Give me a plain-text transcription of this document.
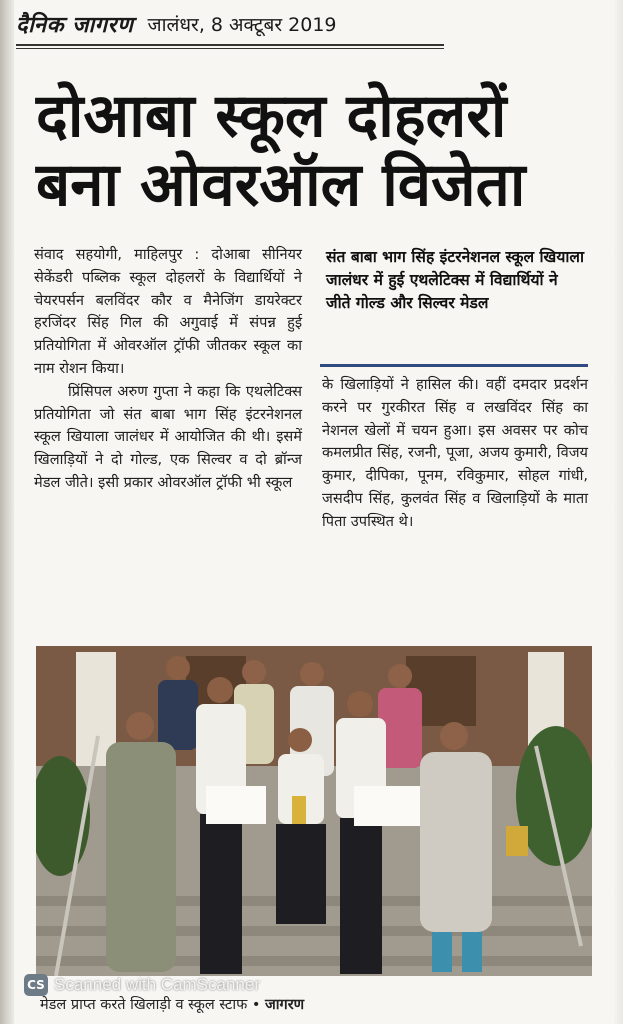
दैनिक जागरण जालंधर, 8 अक्टूबर 2019
दोआबा स्कूल दोहलरों
बना ओवरऑल विजेता

संवाद सहयोगी, माहिलपुर : दोआबा सीनियर सेकेंडरी पब्लिक स्कूल दोहलरों के विद्यार्थियों ने चेयरपर्सन बलविंदर कौर व मैनेजिंग डायरेक्टर हरजिंदर सिंह गिल की अगुवाई में संपन्न हुई प्रतियोगिता में ओवरऑल ट्रॉफी जीतकर स्कूल का नाम रोशन किया।

प्रिंसिपल अरुण गुप्ता ने कहा कि एथलेटिक्स प्रतियोगिता जो संत बाबा भाग सिंह इंटरनेशनल स्कूल खियाला जालंधर में आयोजित की थी। इसमें खिलाड़ियों ने दो गोल्ड, एक सिल्वर व दो ब्रॉन्ज मेडल जीते। इसी प्रकार ओवरऑल ट्रॉफी भी स्कूल

संत बाबा भाग सिंह इंटरनेशनल स्कूल खियाला जालंधर में हुई एथलेटिक्स में विद्यार्थियों ने जीते गोल्ड और सिल्वर मेडल

के खिलाड़ियों ने हासिल की। वहीं दमदार प्रदर्शन करने पर गुरकीरत सिंह व लखविंदर सिंह का नेशनल खेलों में चयन हुआ। इस अवसर पर कोच कमलप्रीत सिंह, रजनी, पूजा, अजय कुमारी, विजय कुमार, दीपिका, पूनम, रविकुमार, सोहल गांधी, जसदीप सिंह, कुलवंत सिंह व खिलाड़ियों के माता पिता उपस्थित थे।

मेडल प्राप्त करते खिलाड़ी व स्कूल स्टाफ • जागरण
CS Scanned with CamScanner
